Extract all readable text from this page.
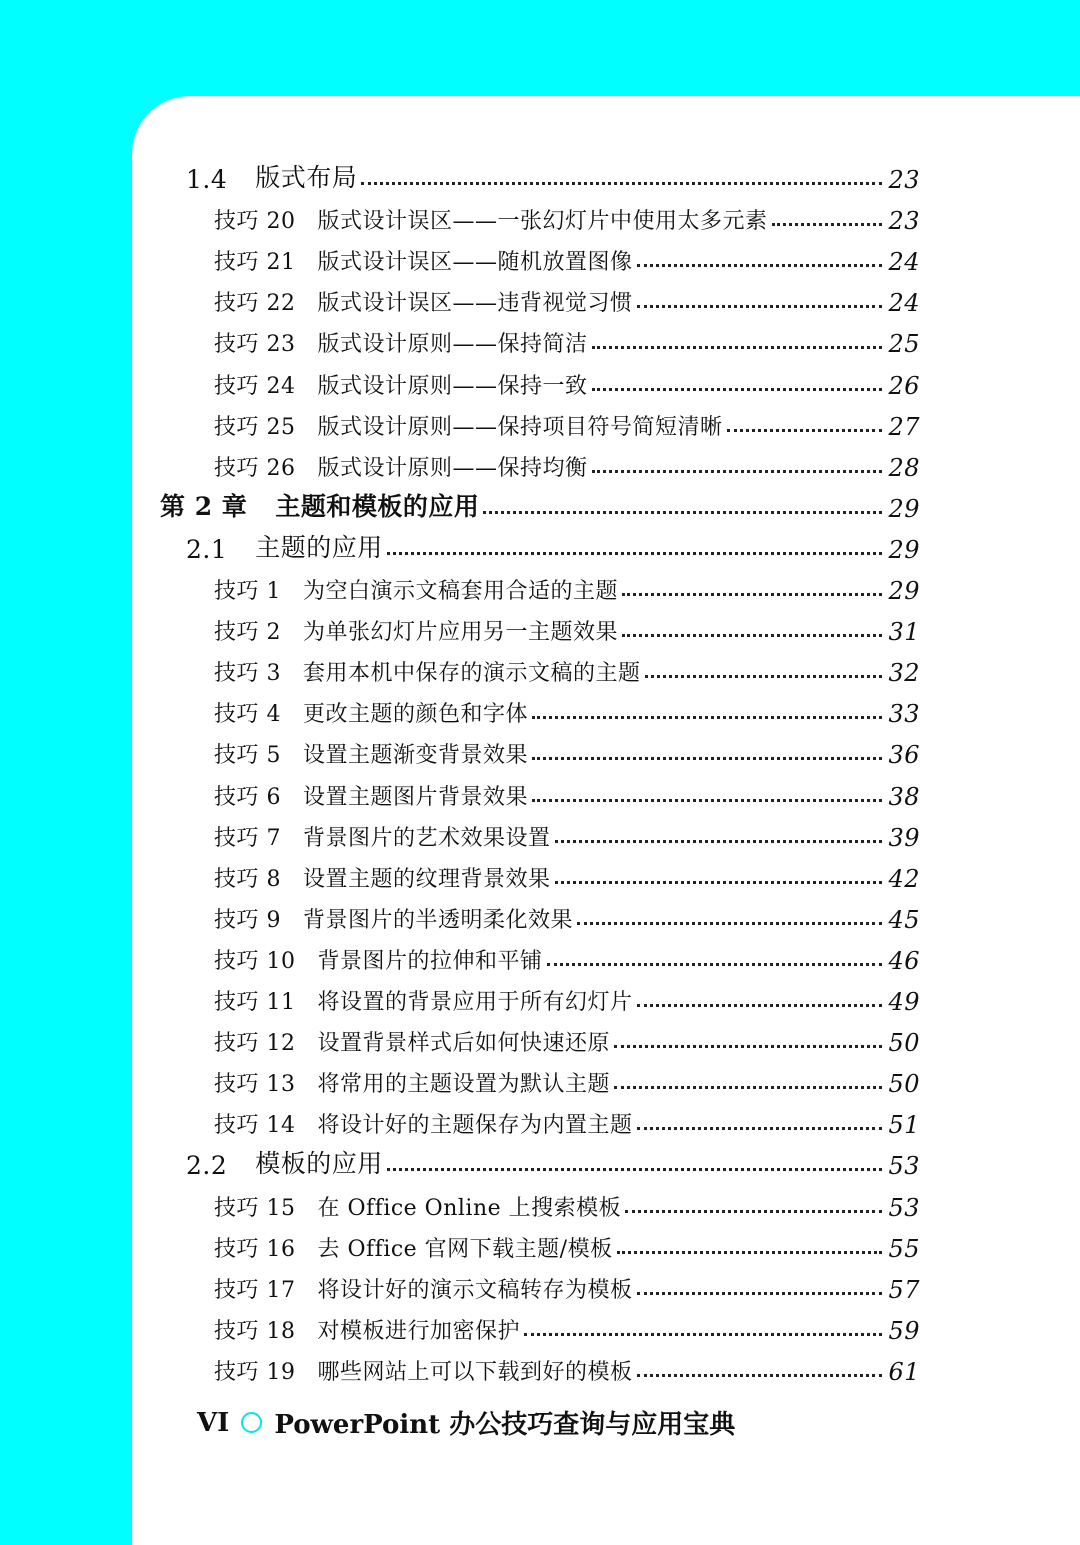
1.4 版式布局	23
技巧 20 版式设计误区——一张幻灯片中使用太多元素	23
技巧 21 版式设计误区——随机放置图像	24
技巧 22 版式设计误区——违背视觉习惯	24
技巧 23 版式设计原则——保持简洁	25
技巧 24 版式设计原则——保持一致	26
技巧 25 版式设计原则——保持项目符号简短清晰	27
技巧 26 版式设计原则——保持均衡	28
第 2 章 主题和模板的应用	29
2.1 主题的应用	29
技巧 1 为空白演示文稿套用合适的主题	29
技巧 2 为单张幻灯片应用另一主题效果	31
技巧 3 套用本机中保存的演示文稿的主题	32
技巧 4 更改主题的颜色和字体	33
技巧 5 设置主题渐变背景效果	36
技巧 6 设置主题图片背景效果	38
技巧 7 背景图片的艺术效果设置	39
技巧 8 设置主题的纹理背景效果	42
技巧 9 背景图片的半透明柔化效果	45
技巧 10 背景图片的拉伸和平铺	46
技巧 11 将设置的背景应用于所有幻灯片	49
技巧 12 设置背景样式后如何快速还原	50
技巧 13 将常用的主题设置为默认主题	50
技巧 14 将设计好的主题保存为内置主题	51
2.2 模板的应用	53
技巧 15 在 Office Online 上搜索模板	53
技巧 16 去 Office 官网下载主题/模板	55
技巧 17 将设计好的演示文稿转存为模板	57
技巧 18 对模板进行加密保护	59
技巧 19 哪些网站上可以下载到好的模板	61
VI PowerPoint 办公技巧查询与应用宝典
